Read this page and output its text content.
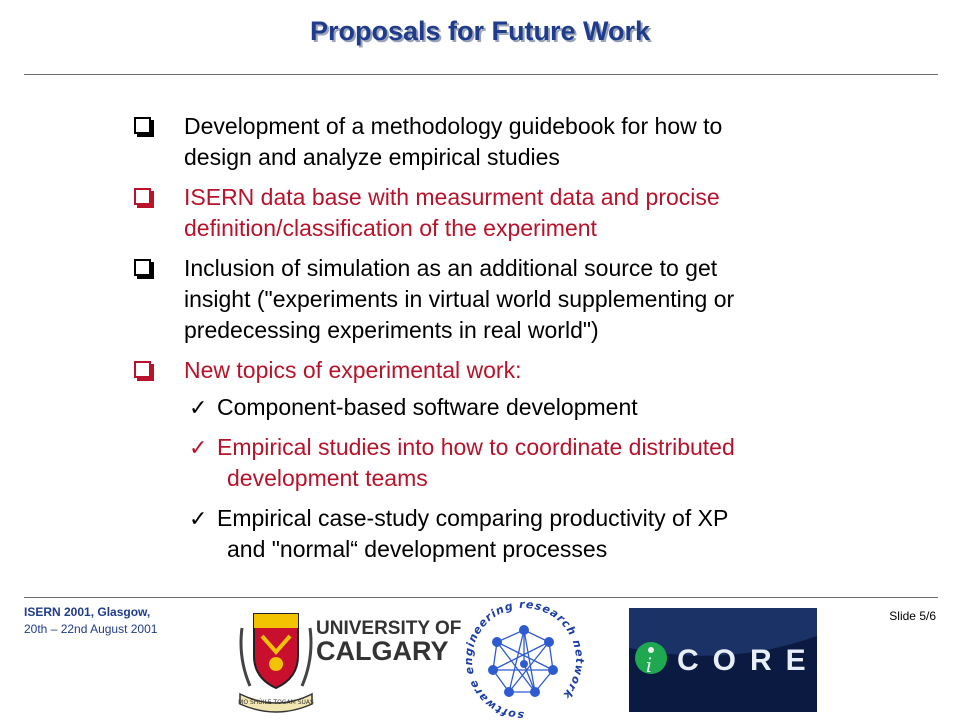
Proposals for Future Work
Development of a methodology guidebook for how to
design and analyze empirical studies
ISERN data base with measurment data and procise
definition/classification of the experiment
Inclusion of simulation as an additional source to get
insight ("experiments in virtual world supplementing or
predecessing experiments in real world")
New topics of experimental work:
✓ Component-based software development
✓ Empirical studies into how to coordinate distributed
development teams
✓ Empirical case-study comparing productivity of XP
and "normal“ development processes
ISERN 2001, Glasgow,
20th – 22nd August 2001
Slide 5/6
MO SHÙILE TOGAM SÙAS
UNIVERSITY OF
CALGARY
software engineering research network
i CORE
